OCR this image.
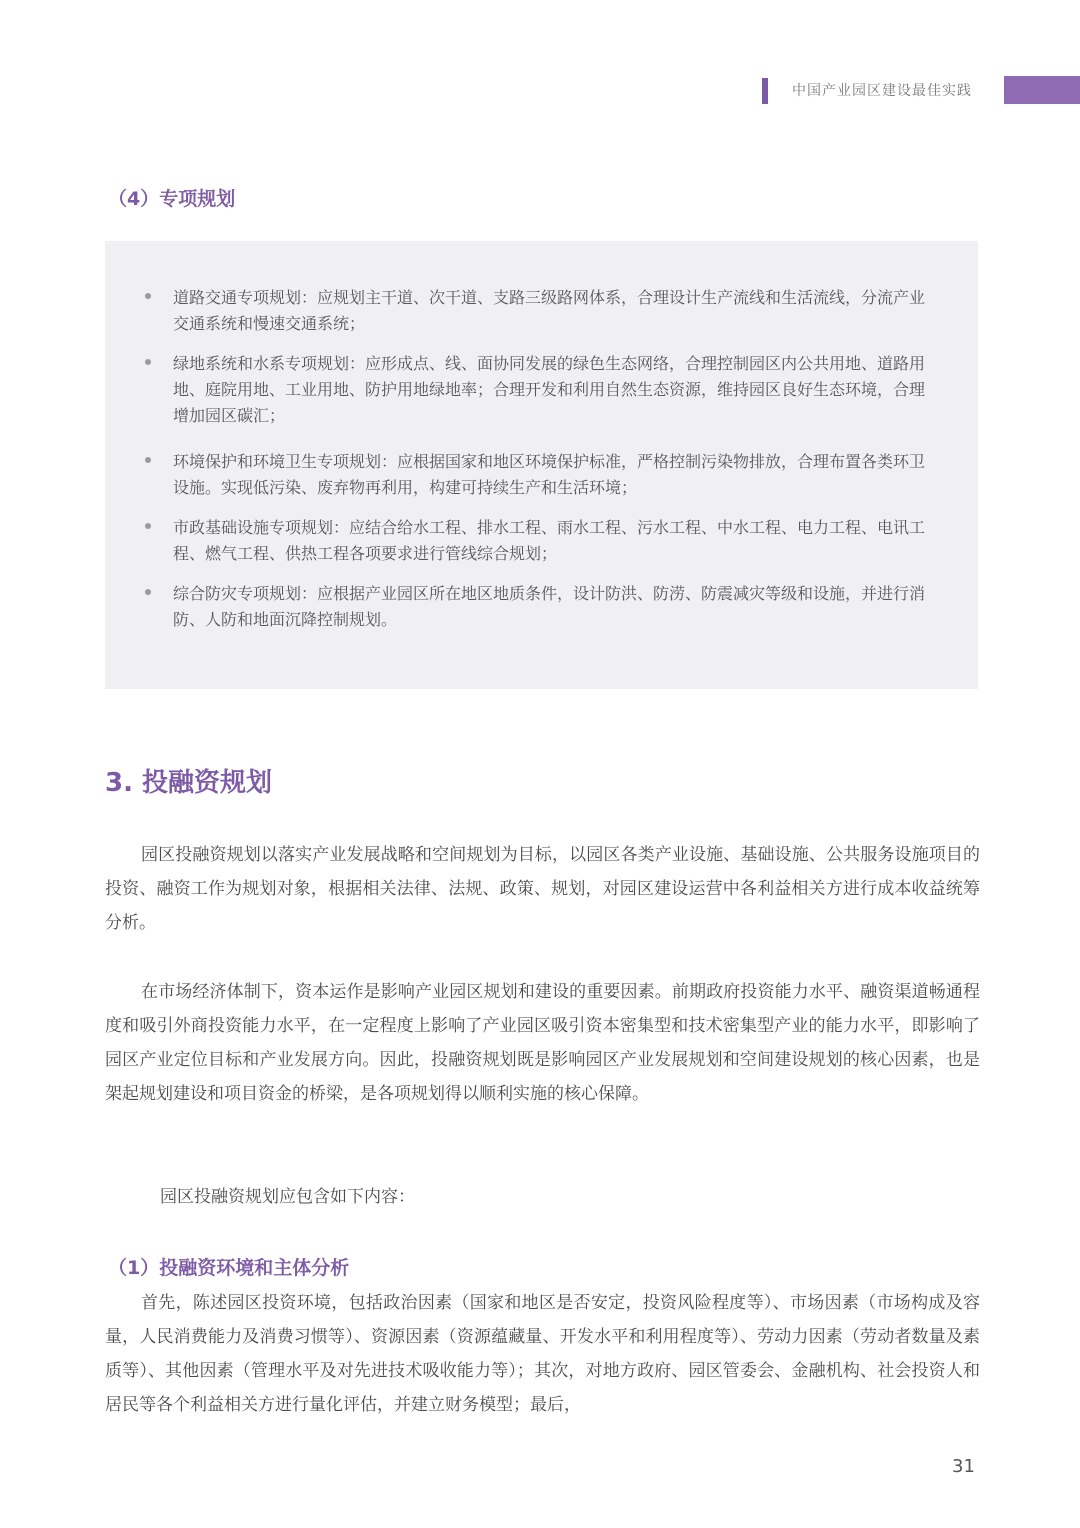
中国产业园区建设最佳实践
（4）专项规划
道路交通专项规划：应规划主干道、次干道、支路三级路网体系，合理设计生产流线和生活流线，分流产业交通系统和慢速交通系统；
绿地系统和水系专项规划：应形成点、线、面协同发展的绿色生态网络，合理控制园区内公共用地、道路用地、庭院用地、工业用地、防护用地绿地率；合理开发和利用自然生态资源，维持园区良好生态环境，合理增加园区碳汇；
环境保护和环境卫生专项规划：应根据国家和地区环境保护标准，严格控制污染物排放，合理布置各类环卫设施。实现低污染、废弃物再利用，构建可持续生产和生活环境；
市政基础设施专项规划：应结合给水工程、排水工程、雨水工程、污水工程、中水工程、电力工程、电讯工程、燃气工程、供热工程各项要求进行管线综合规划；
综合防灾专项规划：应根据产业园区所在地区地质条件，设计防洪、防涝、防震减灾等级和设施，并进行消防、人防和地面沉降控制规划。
3. 投融资规划
园区投融资规划以落实产业发展战略和空间规划为目标，以园区各类产业设施、基础设施、公共服务设施项目的投资、融资工作为规划对象，根据相关法律、法规、政策、规划，对园区建设运营中各利益相关方进行成本收益统筹分析。
在市场经济体制下，资本运作是影响产业园区规划和建设的重要因素。前期政府投资能力水平、融资渠道畅通程度和吸引外商投资能力水平，在一定程度上影响了产业园区吸引资本密集型和技术密集型产业的能力水平，即影响了园区产业定位目标和产业发展方向。因此，投融资规划既是影响园区产业发展规划和空间建设规划的核心因素，也是架起规划建设和项目资金的桥梁，是各项规划得以顺利实施的核心保障。
园区投融资规划应包含如下内容：
（1）投融资环境和主体分析
首先，陈述园区投资环境，包括政治因素（国家和地区是否安定，投资风险程度等）、市场因素（市场构成及容量，人民消费能力及消费习惯等）、资源因素（资源蕴藏量、开发水平和利用程度等）、劳动力因素（劳动者数量及素质等）、其他因素（管理水平及对先进技术吸收能力等）；其次，对地方政府、园区管委会、金融机构、社会投资人和居民等各个利益相关方进行量化评估，并建立财务模型；最后，
31
